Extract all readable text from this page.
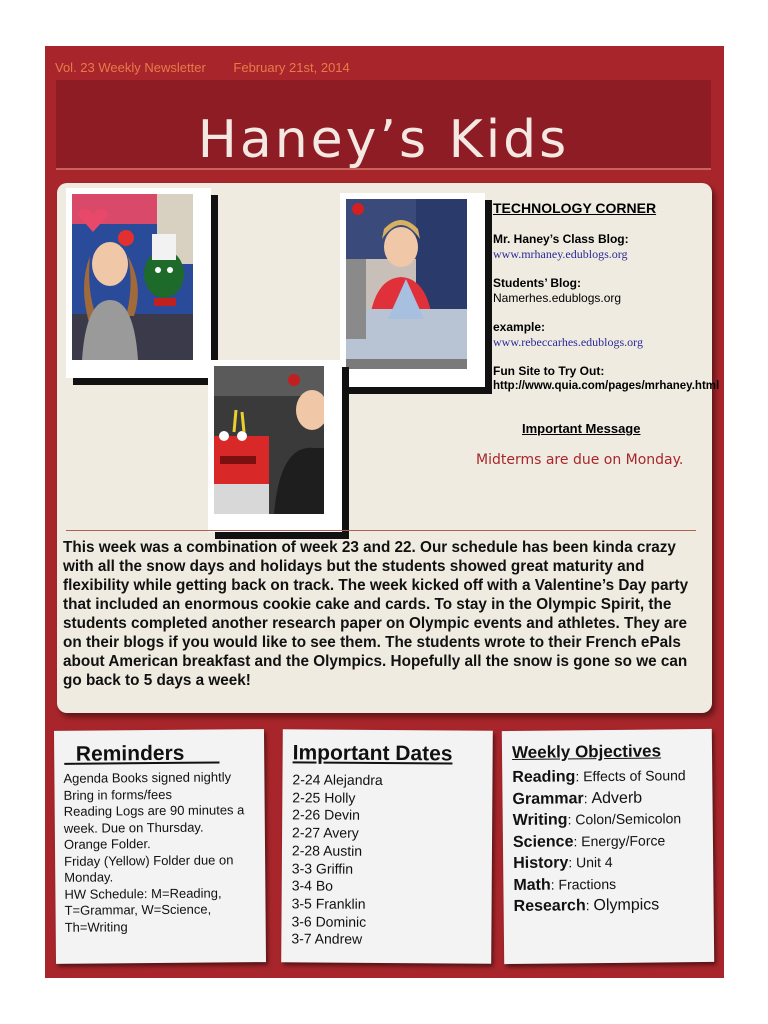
Vol. 23 Weekly Newsletter February 21st, 2014
Haney’s Kids
TECHNOLOGY CORNER
Mr. Haney’s Class Blog:
www.mrhaney.edublogs.org
Students’ Blog:
Namerhes.edublogs.org
example:
www.rebeccarhes.edublogs.org
Fun Site to Try Out:
http://www.quia.com/pages/mrhaney.html
Important Message
Midterms are due on Monday.
This week was a combination of week 23 and 22. Our schedule has been kinda crazy with all the snow days and holidays but the students showed great maturity and flexibility while getting back on track. The week kicked off with a Valentine’s Day party that included an enormous cookie cake and cards. To stay in the Olympic Spirit, the students completed another research paper on Olympic events and athletes. They are on their blogs if you would like to see them. The students wrote to their French ePals about American breakfast and the Olympics. Hopefully all the snow is gone so we can go back to 5 days a week!
Reminders
Agenda Books signed nightly
Bring in forms/fees
Reading Logs are 90 minutes a week. Due on Thursday.
Orange Folder.
Friday (Yellow) Folder due on Monday.
HW Schedule: M=Reading, T=Grammar, W=Science, Th=Writing
Important Dates
2-24 Alejandra
2-25 Holly
2-26 Devin
2-27 Avery
2-28 Austin
3-3 Griffin
3-4 Bo
3-5 Franklin
3-6 Dominic
3-7 Andrew
Weekly Objectives
Reading: Effects of Sound
Grammar: Adverb
Writing: Colon/Semicolon
Science: Energy/Force
History: Unit 4
Math: Fractions
Research: Olympics
